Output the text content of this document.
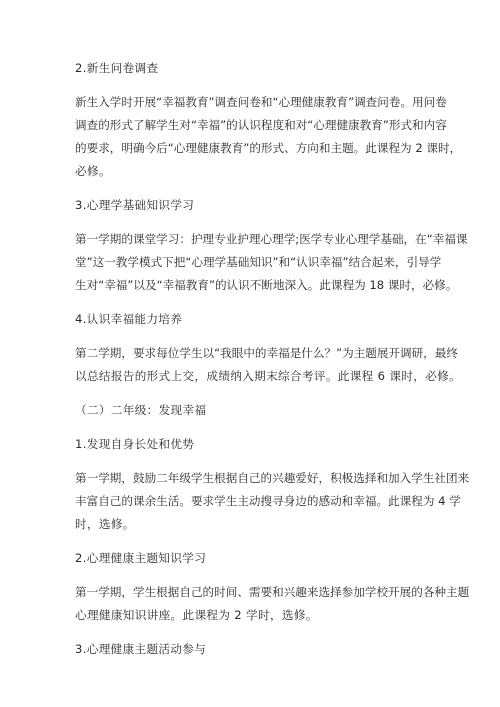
2.新生问卷调查
新生入学时开展“幸福教育”调查问卷和“心理健康教育”调查问卷。用问卷
调查的形式了解学生对“幸福”的认识程度和对“心理健康教育”形式和内容
的要求，明确今后“心理健康教育”的形式、方向和主题。此课程为 2 课时，
必修。
3.心理学基础知识学习
第一学期的课堂学习：护理专业护理心理学;医学专业心理学基础，在“幸福课
堂”这一教学模式下把“心理学基础知识”和“认识幸福”结合起来，引导学
生对“幸福”以及“幸福教育”的认识不断地深入。此课程为 18 课时，必修。
4.认识幸福能力培养
第二学期，要求每位学生以“我眼中的幸福是什么？”为主题展开调研，最终
以总结报告的形式上交，成绩纳入期末综合考评。此课程 6 课时，必修。
（二）二年级：发现幸福
1.发现自身长处和优势
第一学期，鼓励二年级学生根据自己的兴趣爱好，积极选择和加入学生社团来
丰富自己的课余生活。要求学生主动搜寻身边的感动和幸福。此课程为 4 学
时，选修。
2.心理健康主题知识学习
第一学期，学生根据自己的时间、需要和兴趣来选择参加学校开展的各种主题
心理健康知识讲座。此课程为 2 学时，选修。
3.心理健康主题活动参与
